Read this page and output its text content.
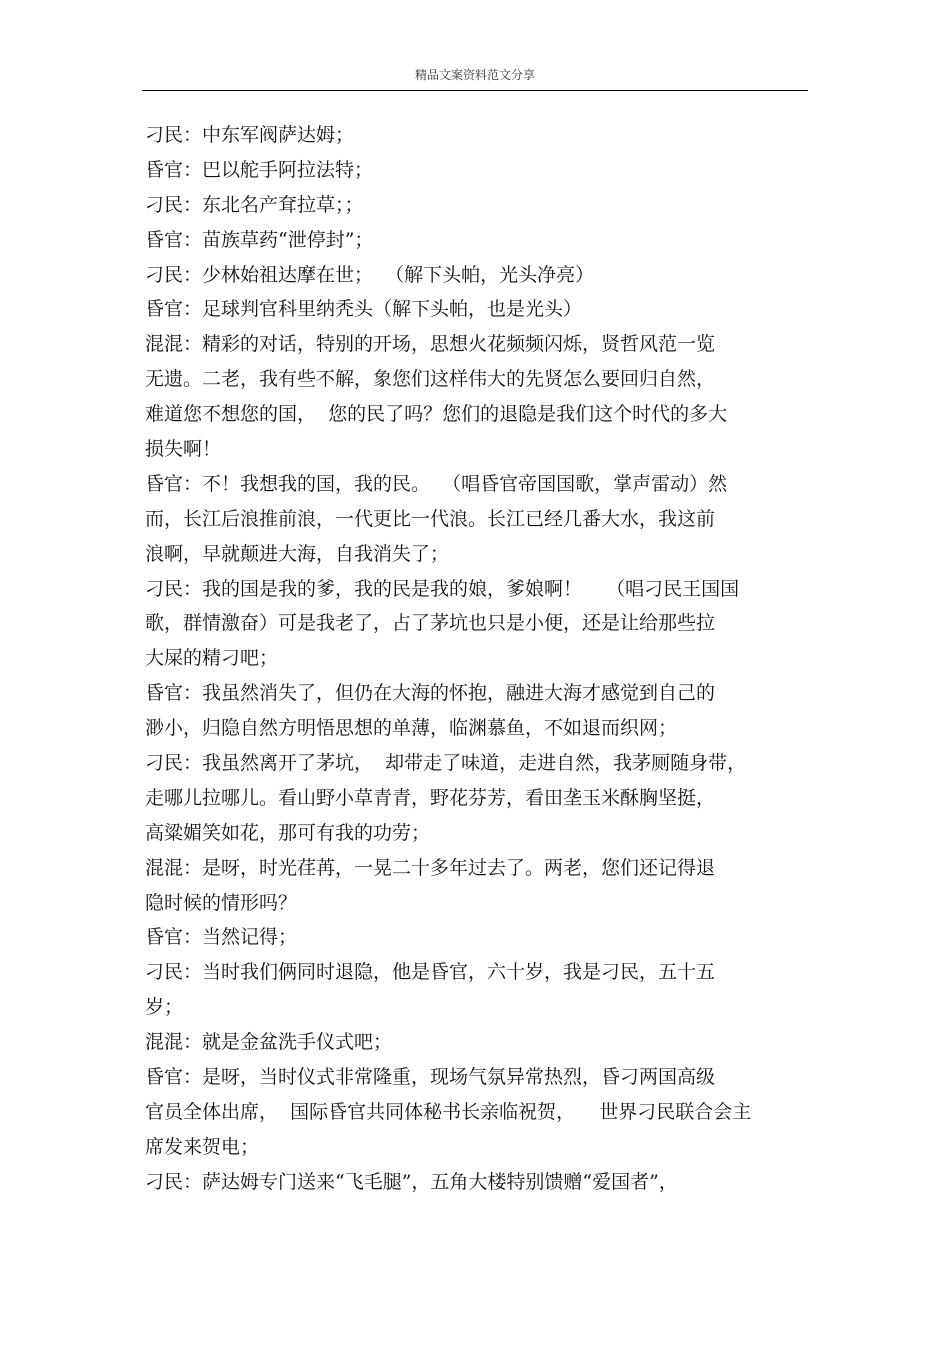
精品文案资料范文分享
刁民：中东军阀萨达姆；
昏官：巴以舵手阿拉法特；
刁民：东北名产耷拉草；；
昏官：苗族草药“泄停封”；
刁民：少林始祖达摩在世；  （解下头帕，光头净亮）
昏官：足球判官科里纳秃头（解下头帕，也是光头）
混混：精彩的对话，特别的开场，思想火花频频闪烁，贤哲风范一览
无遗。二老，我有些不解，象您们这样伟大的先贤怎么要回归自然，
难道您不想您的国，  您的民了吗？您们的退隐是我们这个时代的多大
损失啊！
昏官：不！我想我的国，我的民。  （唱昏官帝国国歌，掌声雷动）然
而，长江后浪推前浪，一代更比一代浪。长江已经几番大水，我这前
浪啊，早就颠进大海，自我消失了；
刁民：我的国是我的爹，我的民是我的娘，爹娘啊！    （唱刁民王国国
歌，群情激奋）可是我老了，占了茅坑也只是小便，还是让给那些拉
大屎的精刁吧；
昏官：我虽然消失了，但仍在大海的怀抱，融进大海才感觉到自己的
渺小，归隐自然方明悟思想的单薄，临渊慕鱼，不如退而织网；
刁民：我虽然离开了茅坑，  却带走了味道，走进自然，我茅厕随身带，
走哪儿拉哪儿。看山野小草青青，野花芬芳，看田垄玉米酥胸坚挺，
高粱媚笑如花，那可有我的功劳；
混混：是呀，时光荏苒，一晃二十多年过去了。两老，您们还记得退
隐时候的情形吗？
昏官：当然记得；
刁民：当时我们俩同时退隐，他是昏官，六十岁，我是刁民，五十五
岁；
混混：就是金盆洗手仪式吧；
昏官：是呀，当时仪式非常隆重，现场气氛异常热烈，昏刁两国高级
官员全体出席，  国际昏官共同体秘书长亲临祝贺，    世界刁民联合会主
席发来贺电；
刁民：萨达姆专门送来“飞毛腿”，五角大楼特别馈赠“爱国者”，
